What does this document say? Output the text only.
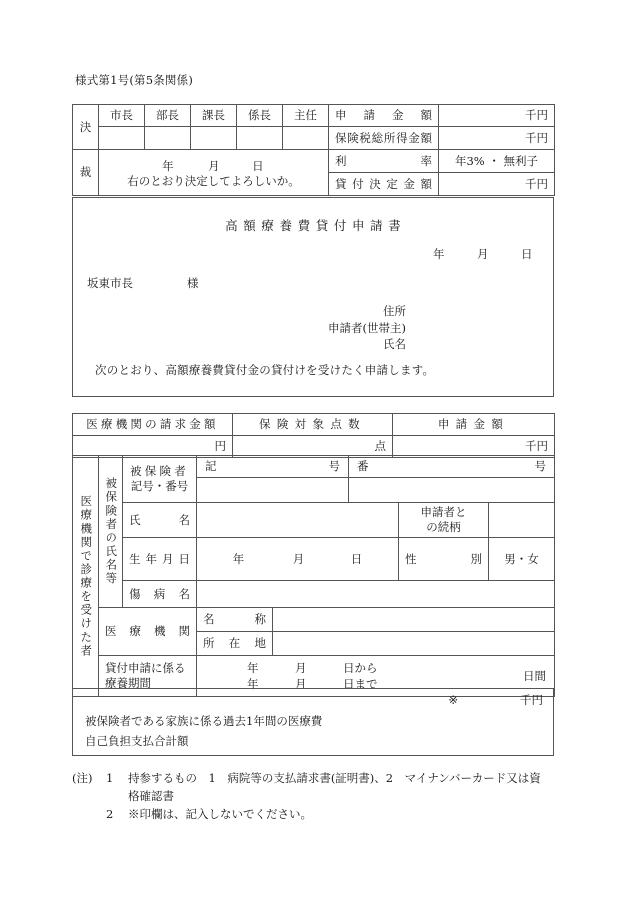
様式第1号(第5条関係)
決	市長	部長	課長	係長	主任	申請金額	千円

						保険税総所得金額	千円
裁	年 月 日
右のとおり決定してよろしいか。					利率	年3% ・ 無利子

						貸付決定金額	千円
高額療養費貸付申請書
年	月	日
坂東市長	様
住所
申請者(世帯主)
氏名
次のとおり、高額療養費貸付金の貸付けを受けたく申請します。
医療機関の請求金額	保険対象点数	申請金額
円	点	千円
医療機関で診療を受けた者	被保険者の氏名等

被保険者
記号・番号

記	号	番	号

		氏名				申請者と
の続柄	

		生年月日	年 月 日			性別	男・女

		傷病名					

	医療機関		名称				

			所在地				

貸付申請に係る
療養期間

年	月	日から
年	月	日まで
日間
※	千円
被保険者である家族に係る過去1年間の医療費
自己負担支払合計額
(注)	1	持参するもの　1　病院等の支払請求書(証明書)、2　マイナンバーカード又は資
格確認書
2	※印欄は、記入しないでください。
